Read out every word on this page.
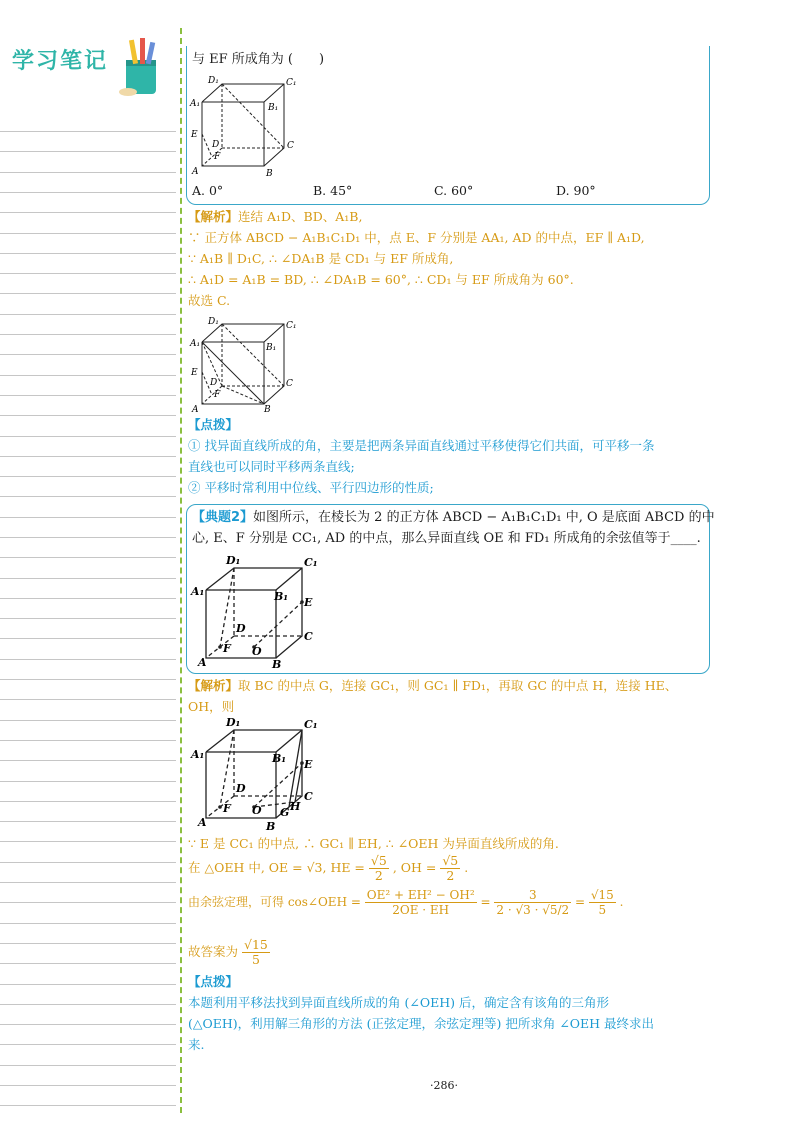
学习笔记	与 EF 所成角为 (　　)
D₁	C₁
A₁	B₁
E
D
F
C
A	B
A. 0°	B. 45°	C. 60°	D. 90°
【解析】连结 A₁D、BD、A₁B,
∵ 正方体 ABCD − A₁B₁C₁D₁ 中，点 E、F 分别是 AA₁, AD 的中点，EF ∥ A₁D,
∵ A₁B ∥ D₁C, ∴ ∠DA₁B 是 CD₁ 与 EF 所成角,
∴ A₁D = A₁B = BD, ∴ ∠DA₁B = 60°, ∴ CD₁ 与 EF 所成角为 60°.
故选 C.
D₁	C₁
A₁	B₁
E
D
F
C
A	B
【点拨】
① 找异面直线所成的角，主要是把两条异面直线通过平移使得它们共面，可平移一条
直线也可以同时平移两条直线;
② 平移时常利用中位线、平行四边形的性质;
【典题2】如图所示，在棱长为 2 的正方体 ABCD − A₁B₁C₁D₁ 中, O 是底面 ABCD 的中
心, E、F 分别是 CC₁, AD 的中点，那么异面直线 OE 和 FD₁ 所成角的余弦值等于____.
D₁	C₁
A₁	B₁ E
D
F O
C
A	B
【解析】取 BC 的中点 G，连接 GC₁，则 GC₁ ∥ FD₁，再取 GC 的中点 H，连接 HE、
OH，则
D₁	C₁
A₁	B₁ E
D
F O
C
G H
A	B
∵ E 是 CC₁ 的中点, ∴ GC₁ ∥ EH, ∴ ∠OEH 为异面直线所成的角.
在 △OEH 中, OE = √3, HE = $\frac{√5}{2}$ , OH = $\frac{√5}{2}$ .
由余弦定理，可得 cos∠OEH = $\frac{\text{OE² + EH² − OH²}}{2OE \cdot EH} = \frac{3}{2 \cdot √3 \cdot √5/2} = \frac{√15}{5}$ .
故答案为 $\frac{√15}{5}$
【点拨】
本题利用平移法找到异面直线所成的角 (∠OEH) 后，确定含有该角的三角形
(△OEH)，利用解三角形的方法 (正弦定理，余弦定理等) 把所求角 ∠OEH 最终求出
来.
·286·
